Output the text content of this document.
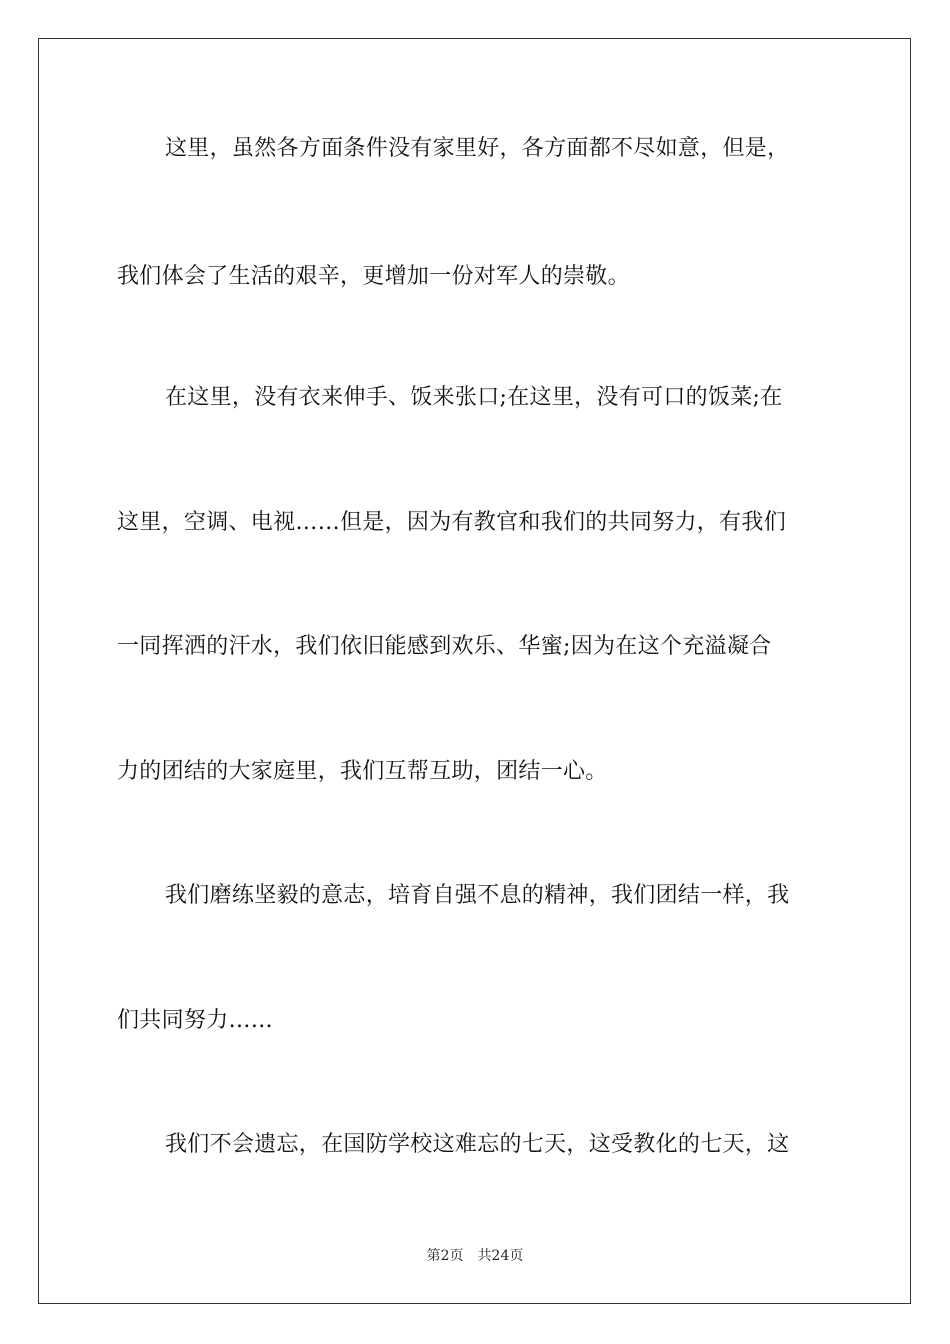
这里，虽然各方面条件没有家里好，各方面都不尽如意，但是，
我们体会了生活的艰辛，更增加一份对军人的崇敬。
在这里，没有衣来伸手、饭来张口;在这里，没有可口的饭菜;在
这里，空调、电视……但是，因为有教官和我们的共同努力，有我们
一同挥洒的汗水，我们依旧能感到欢乐、华蜜;因为在这个充溢凝合
力的团结的大家庭里，我们互帮互助，团结一心。
我们磨练坚毅的意志，培育自强不息的精神，我们团结一样，我
们共同努力……
我们不会遗忘，在国防学校这难忘的七天，这受教化的七天，这
第2页 共24页
